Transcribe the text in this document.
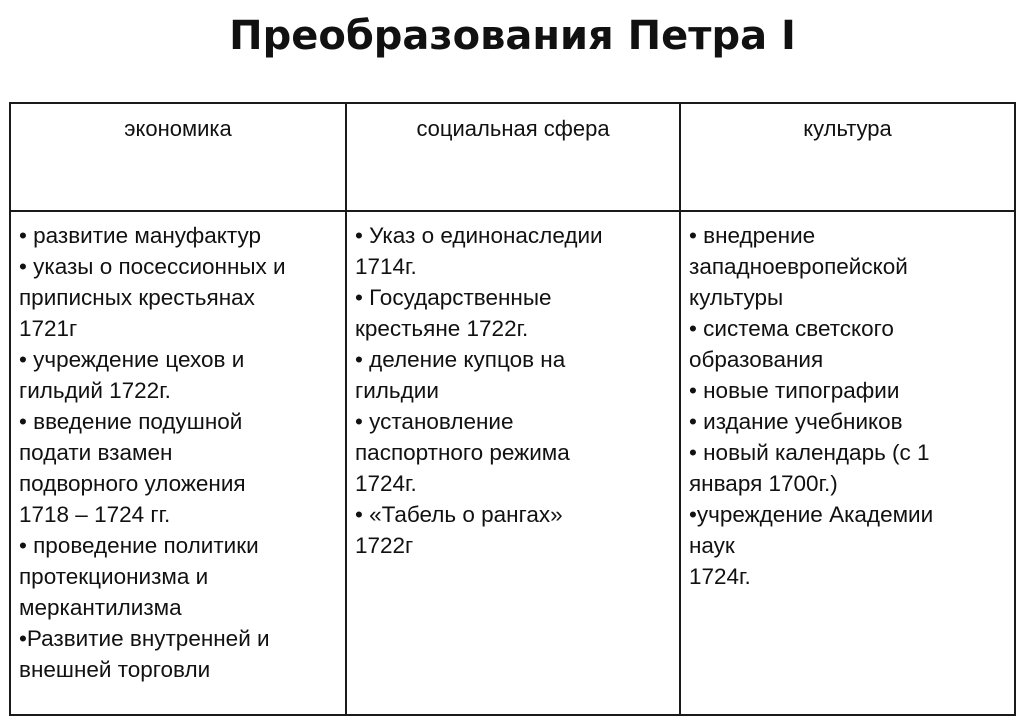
Преобразования Петра I
экономика	социальная сфера	культура
• развитие мануфактур
• указы о посессионных и
приписных крестьянах
1721г
• учреждение цехов и
гильдий 1722г.
• введение подушной
подати взамен
подворного уложения
1718 – 1724 гг.
• проведение политики
протекционизма и
меркантилизма
•Развитие внутренней и
внешней торговли
• Указ о единонаследии
1714г.
• Государственные
крестьяне 1722г.
• деление купцов на
гильдии
• установление
паспортного режима
1724г.
• «Табель о рангах»
1722г
• внедрение
западноевропейской
культуры
• система светского
образования
• новые типографии
• издание учебников
• новый календарь (с 1
января 1700г.)
•учреждение Академии
наук
1724г.
